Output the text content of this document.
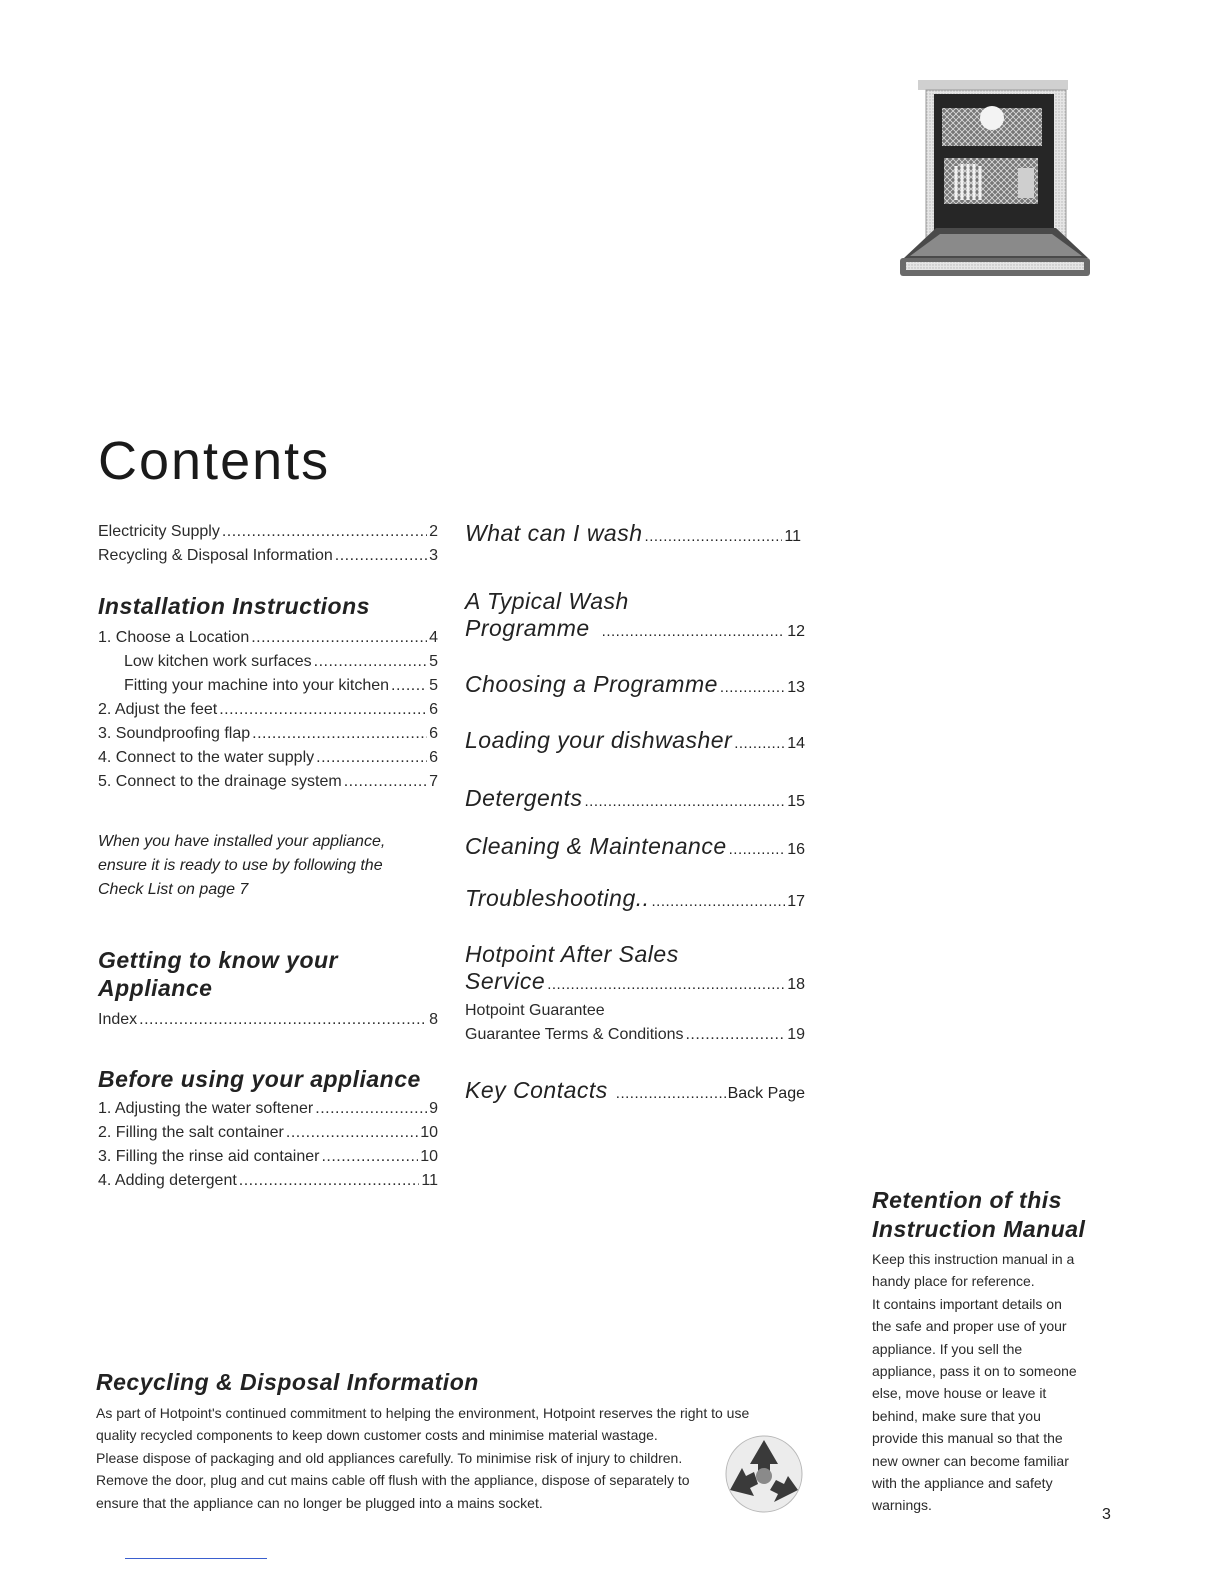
Contents
Electricity Supply .....	2
Recycling & Disposal Information .....	3
Installation Instructions
1. Choose a Location .....	4
Low kitchen work surfaces .....	5
Fitting your machine into your kitchen .....	5
2. Adjust the feet .....	6
3. Soundproofing flap .....	6
4. Connect to the water supply .....	6
5. Connect to the drainage system .....	7
When you have installed your appliance,
ensure it is ready to use by following the
Check List on page 7
Getting to know your
Appliance
Index .....	8
Before using your appliance
1. Adjusting the water softener .....	9
2. Filling the salt container .....	10
3. Filling the rinse aid container .....	10
4. Adding detergent .....	11
What can I wash .....	11
A Typical Wash
Programme .....	12
Choosing a Programme .....	13
Loading your dishwasher .....	14
Detergents .....	15
Cleaning & Maintenance .....	16
Troubleshooting.. .....	17
Hotpoint After Sales
Service .....	18
Hotpoint Guarantee
Guarantee Terms & Conditions .....	19
Key Contacts .....	Back Page
Retention of this
Instruction Manual
Keep this instruction manual in a
handy place for reference.
It contains important details on
the safe and proper use of your
appliance. If you sell the
appliance, pass it on to someone
else, move house or leave it
behind, make sure that you
provide this manual so that the
new owner can become familiar
with the appliance and safety
warnings.
Recycling & Disposal Information
As part of Hotpoint's continued commitment to helping the environment, Hotpoint reserves the right to use
quality recycled components to keep down customer costs and minimise material wastage.
Please dispose of packaging and old appliances carefully. To minimise risk of injury to children.
Remove the door, plug and cut mains cable off flush with the appliance, dispose of separately to
ensure that the appliance can no longer be plugged into a mains socket.
3
